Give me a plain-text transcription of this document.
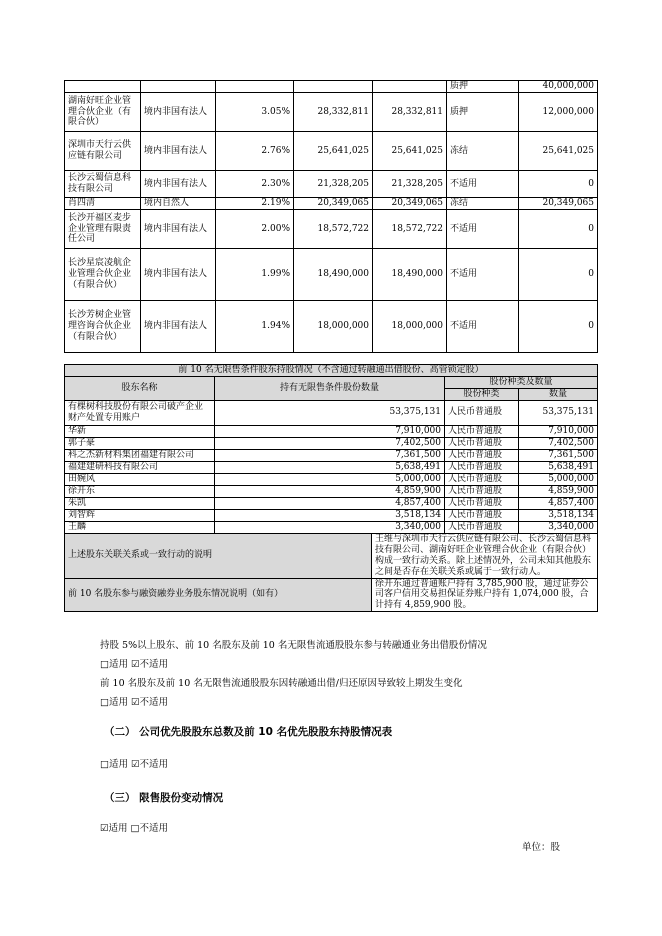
					质押	40,000,000
湖南好旺企业管理合伙企业（有限合伙）	境内非国有法人	3.05%	28,332,811	28,332,811	质押	12,000,000
深圳市天行云供应链有限公司	境内非国有法人	2.76%	25,641,025	25,641,025	冻结	25,641,025
长沙云蜀信息科技有限公司	境内非国有法人	2.30%	21,328,205	21,328,205	不适用	0
肖四清	境内自然人	2.19%	20,349,065	20,349,065	冻结	20,349,065
长沙开福区麦步企业管理有限责任公司	境内非国有法人	2.00%	18,572,722	18,572,722	不适用	0
长沙星宸凌航企业管理合伙企业（有限合伙）	境内非国有法人	1.99%	18,490,000	18,490,000	不适用	0
长沙芳树企业管理咨询合伙企业（有限合伙）	境内非国有法人	1.94%	18,000,000	18,000,000	不适用	0
前 10 名无限售条件股东持股情况（不含通过转融通出借股份、高管锁定股）				
股东名称	持有无限售条件股份数量		股份种类及数量	
			股份种类	数量
有棵树科技股份有限公司破产企业财产处置专用账户	53,375,131		人民币普通股	53,375,131
华新	7,910,000		人民币普通股	7,910,000
郭子豪	7,402,500		人民币普通股	7,402,500
科之杰新材料集团福建有限公司	7,361,500		人民币普通股	7,361,500
福建建研科技有限公司	5,638,491		人民币普通股	5,638,491
田婉风	5,000,000		人民币普通股	5,000,000
徐开东	4,859,900		人民币普通股	4,859,900
朱凯	4,857,400		人民币普通股	4,857,400
刘智辉	3,518,134		人民币普通股	3,518,134
王麟	3,340,000		人民币普通股	3,340,000
上述股东关联关系或一致行动的说明		王维与深圳市天行云供应链有限公司、长沙云蜀信息科技有限公司、湖南好旺企业管理合伙企业（有限合伙）构成一致行动关系。除上述情况外，公司未知其他股东之间是否存在关联关系或属于一致行动人。		
前 10 名股东参与融资融券业务股东情况说明（如有）		徐开东通过普通账户持有 3,785,900 股，通过证券公司客户信用交易担保证券账户持有 1,074,000 股，合计持有 4,859,900 股。		
持股 5%以上股东、前 10 名股东及前 10 名无限售流通股股东参与转融通业务出借股份情况
□适用 ☑不适用
前 10 名股东及前 10 名无限售流通股股东因转融通出借/归还原因导致较上期发生变化
□适用 ☑不适用
（二） 公司优先股股东总数及前 10 名优先股股东持股情况表
□适用 ☑不适用
（三） 限售股份变动情况
☑适用 □不适用
单位：股
